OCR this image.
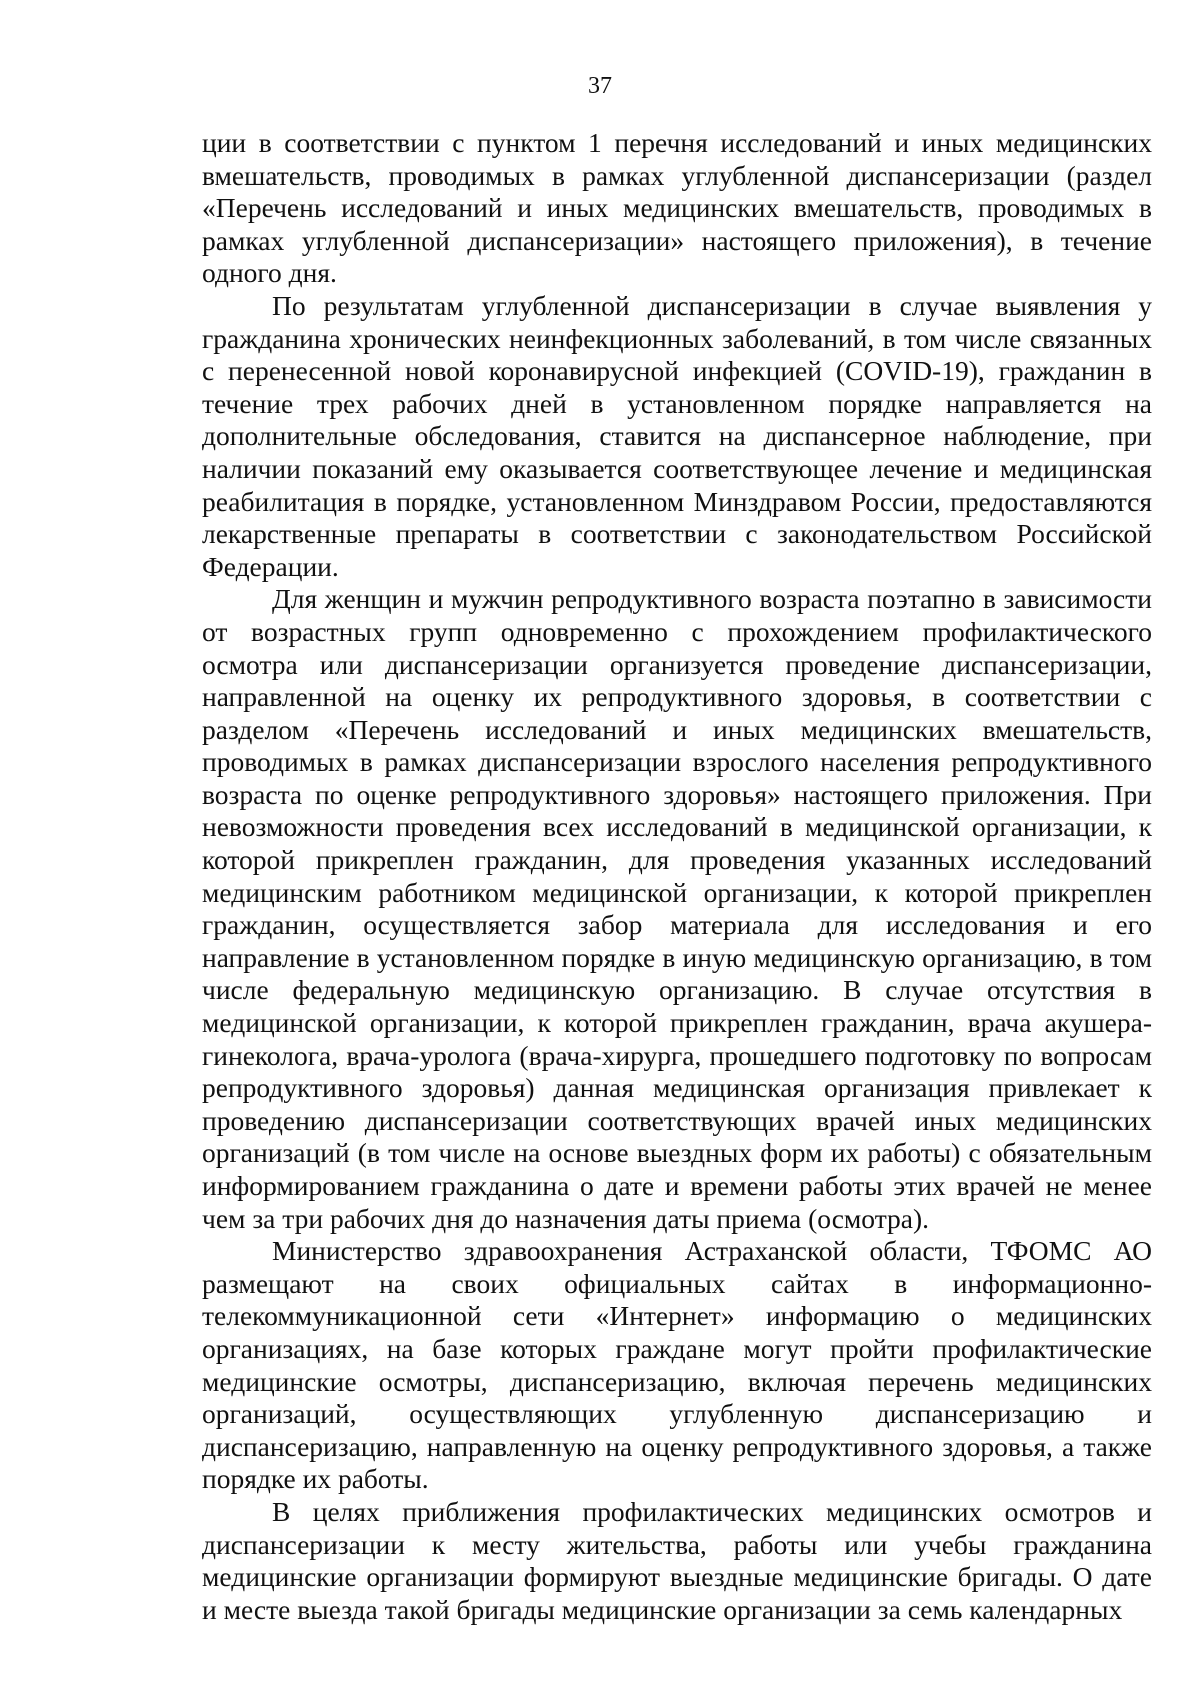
37

ции в соответствии с пунктом 1 перечня исследований и иных медицинских вмешательств, проводимых в рамках углубленной диспансеризации (раздел «Перечень исследований и иных медицинских вмешательств, проводимых в рамках углубленной диспансеризации» настоящего приложения), в течение одного дня.

По результатам углубленной диспансеризации в случае выявления у гражданина хронических неинфекционных заболеваний, в том числе связанных с перенесенной новой коронавирусной инфекцией (COVID-19), гражданин в течение трех рабочих дней в установленном порядке направляется на дополнительные обследования, ставится на диспансерное наблюдение, при наличии показаний ему оказывается соответствующее лечение и медицинская реабилитация в порядке, установленном Минздравом России, предоставляются лекарственные препараты в соответствии с законодательством Российской Федерации.

Для женщин и мужчин репродуктивного возраста поэтапно в зависимости от возрастных групп одновременно с прохождением профилактического осмотра или диспансеризации организуется проведение диспансеризации, направленной на оценку их репродуктивного здоровья, в соответствии с разделом «Перечень исследований и иных медицинских вмешательств, проводимых в рамках диспансеризации взрослого населения репродуктивного возраста по оценке репродуктивного здоровья» настоящего приложения. При невозможности проведения всех исследований в медицинской организации, к которой прикреплен гражданин, для проведения указанных исследований медицинским работником медицинской организации, к которой прикреплен гражданин, осуществляется забор материала для исследования и его направление в установленном порядке в иную медицинскую организацию, в том числе федеральную медицинскую организацию. В случае отсутствия в медицинской организации, к которой прикреплен гражданин, врача акушера-гинеколога, врача-уролога (врача-хирурга, прошедшего подготовку по вопросам репродуктивного здоровья) данная медицинская организация привлекает к проведению диспансеризации соответствующих врачей иных медицинских организаций (в том числе на основе выездных форм их работы) с обязательным информированием гражданина о дате и времени работы этих врачей не менее чем за три рабочих дня до назначения даты приема (осмотра).

Министерство здравоохранения Астраханской области, ТФОМС АО размещают на своих официальных сайтах в информационно-телекоммуникационной сети «Интернет» информацию о медицинских организациях, на базе которых граждане могут пройти профилактические медицинские осмотры, диспансеризацию, включая перечень медицинских организаций, осуществляющих углубленную диспансеризацию и диспансеризацию, направленную на оценку репродуктивного здоровья, а также порядке их работы.

В целях приближения профилактических медицинских осмотров и диспансеризации к месту жительства, работы или учебы гражданина медицинские организации формируют выездные медицинские бригады. О дате и месте выезда такой бригады медицинские организации за семь календарных
